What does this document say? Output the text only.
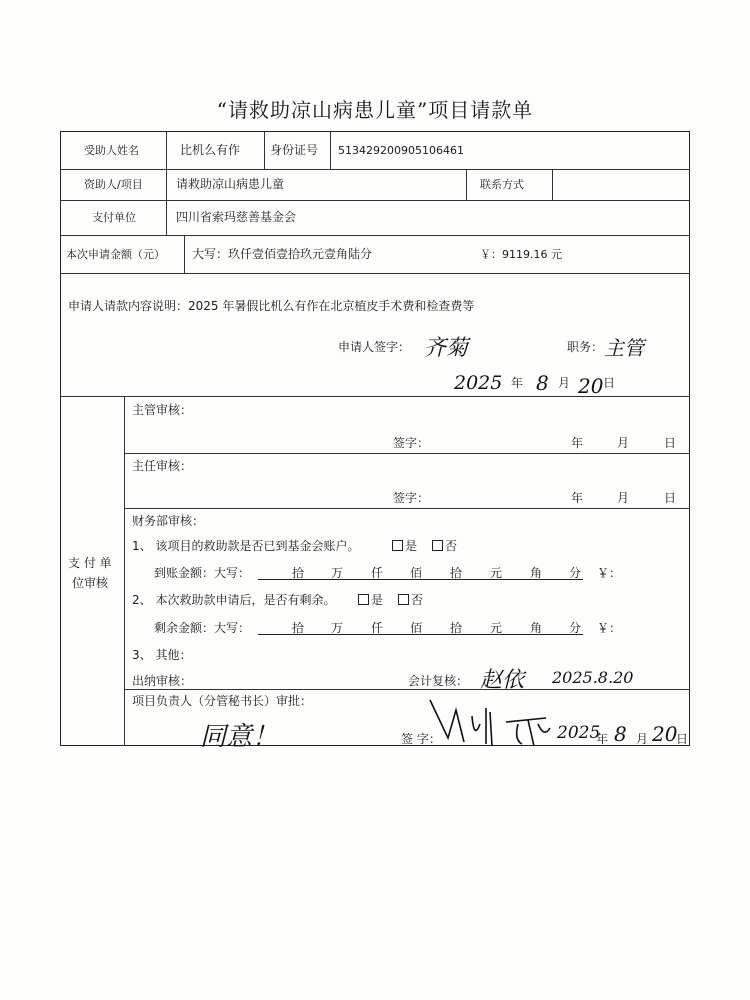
“请救助凉山病患儿童”项目请款单
受助人姓名	比机么有作 身份证号 513429200905106461
资助人/项目	请救助凉山病患儿童	联系方式
支付单位	四川省索玛慈善基金会
本次申请金额（元） 大写：玖仟壹佰壹拾玖元壹角陆分	￥：9119.16 元
申请人请款内容说明：2025 年暑假比机么有作在北京植皮手术费和检查费等
申请人签字： 齐菊	职务： 主管
2025 年 8 月 20 日
支 付 单
位审核
主管审核：
签字：	年	月	日
主任审核：
签字：	年	月	日
财务部审核：
1、 该项目的救助款是否已到基金会账户。	是	否
到账金额：大写：	拾 万 仟 佰 拾 元 角 分 ￥：
2、 本次救助款申请后，是否有剩余。	是	否
剩余金额：大写：	拾 万 仟 佰 拾 元 角 分 ￥：
3、 其他：
出纳审核：	会计复核： 赵依 2025.8.20
项目负责人（分管秘书长）审批：
同意！	签 字：	2025
年 8 月 20
日
